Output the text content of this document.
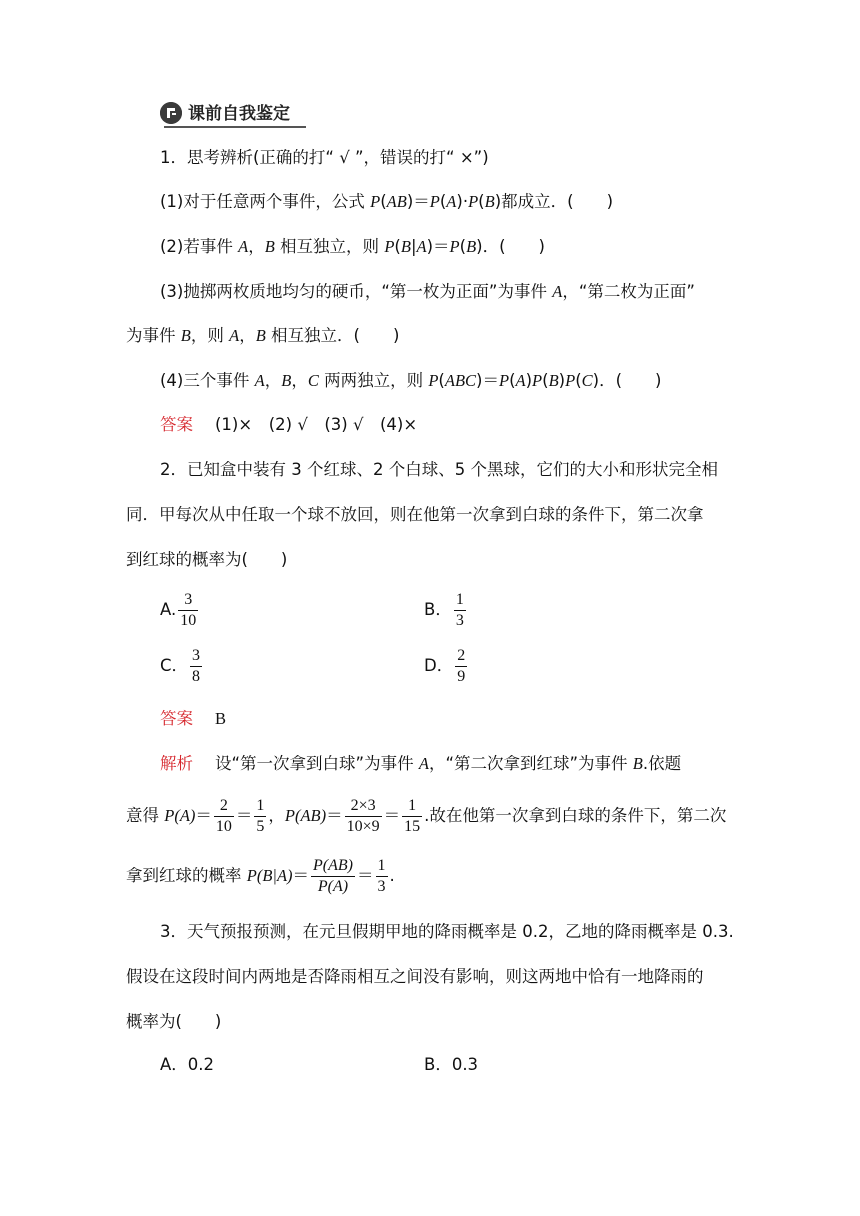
课前自我鉴定
1．思考辨析(正确的打“ √ ”，错误的打“ ×”)
(1)对于任意两个事件，公式 P(AB)＝P(A)·P(B)都成立．(　　)
(2)若事件 A，B 相互独立，则 P(B|A)＝P(B)．(　　)
(3)抛掷两枚质地均匀的硬币，“第一枚为正面”为事件 A，“第二枚为正面”
为事件 B，则 A，B 相互独立．(　　)
(4)三个事件 A，B，C 两两独立，则 P(ABC)＝P(A)P(B)P(C)．(　　)
答案 (1)×　(2) √　(3) √　(4)×
2．已知盒中装有 3 个红球、2 个白球、5 个黑球，它们的大小和形状完全相
同．甲每次从中任取一个球不放回，则在他第一次拿到白球的条件下，第二次拿
到红球的概率为(　　)
A. $\frac{3}{10}$	B． $\frac{1}{3}$
C． $\frac{3}{8}$	D． $\frac{2}{9}$
答案 B
解析 设“第一次拿到白球”为事件 A，“第二次拿到红球”为事件 B.依题
意得 $P(A)= \frac{2}{10} = \frac{1}{5}$ ，$P(AB)= \frac{2\times 3}{10\times 9} = \frac{1}{15}$ .故在他第一次拿到白球的条件下，第二次
拿到红球的概率 $P(B|A)= \frac{P(AB)}{P(A)} = \frac{1}{3}$ .
3．天气预报预测，在元旦假期甲地的降雨概率是 0.2，乙地的降雨概率是 0.3.
假设在这段时间内两地是否降雨相互之间没有影响，则这两地中恰有一地降雨的
概率为(　　)
A．0.2	B．0.3
